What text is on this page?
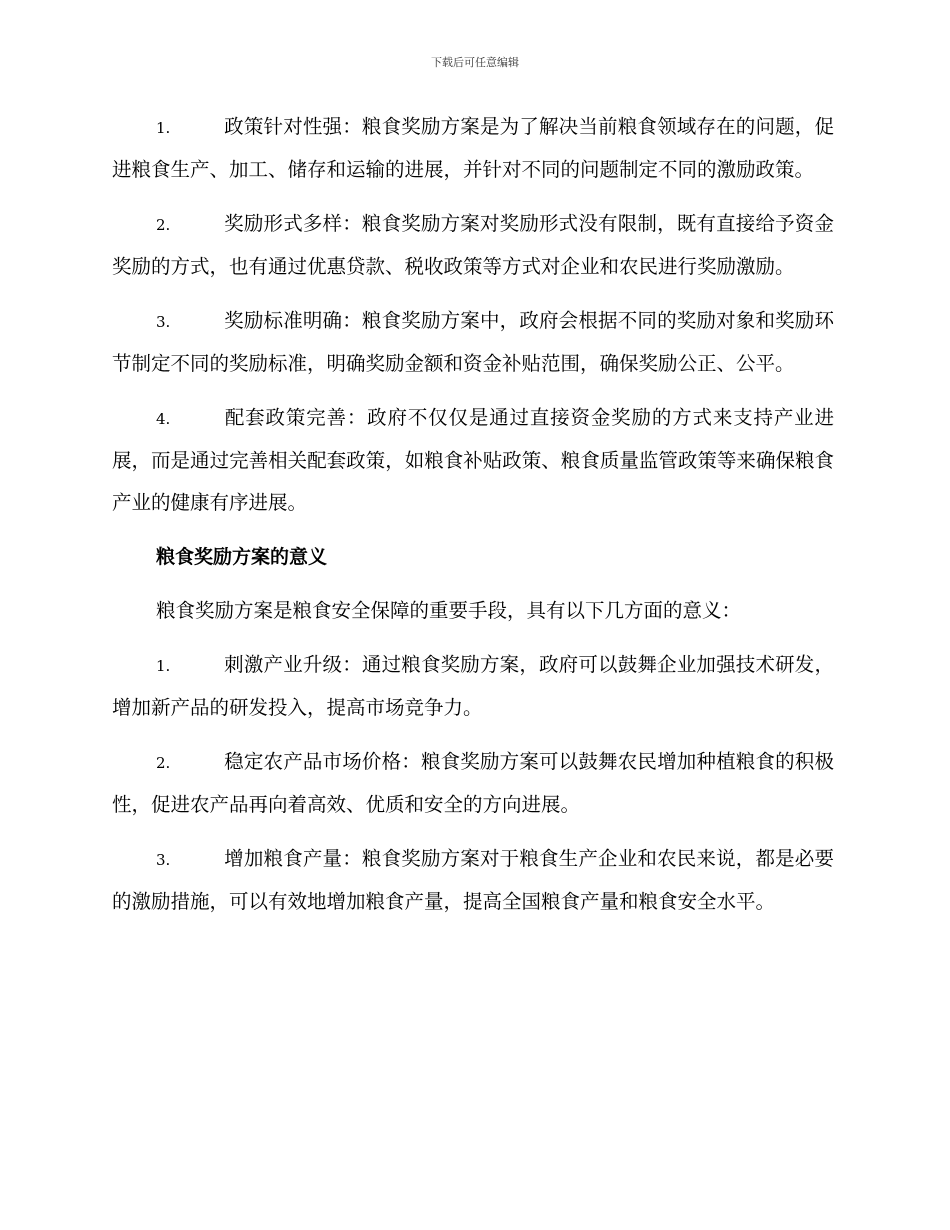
下载后可任意编辑

1.	政策针对性强：粮食奖励方案是为了解决当前粮食领域存在的问题，促进粮食生产、加工、储存和运输的进展，并针对不同的问题制定不同的激励政策。

2.	奖励形式多样：粮食奖励方案对奖励形式没有限制，既有直接给予资金奖励的方式，也有通过优惠贷款、税收政策等方式对企业和农民进行奖励激励。

3.	奖励标准明确：粮食奖励方案中，政府会根据不同的奖励对象和奖励环节制定不同的奖励标准，明确奖励金额和资金补贴范围，确保奖励公正、公平。

4.	配套政策完善：政府不仅仅是通过直接资金奖励的方式来支持产业进展，而是通过完善相关配套政策，如粮食补贴政策、粮食质量监管政策等来确保粮食产业的健康有序进展。

粮食奖励方案的意义

粮食奖励方案是粮食安全保障的重要手段，具有以下几方面的意义：

1.	刺激产业升级：通过粮食奖励方案，政府可以鼓舞企业加强技术研发，增加新产品的研发投入，提高市场竞争力。

2.	稳定农产品市场价格：粮食奖励方案可以鼓舞农民增加种植粮食的积极性，促进农产品再向着高效、优质和安全的方向进展。

3.	增加粮食产量：粮食奖励方案对于粮食生产企业和农民来说，都是必要的激励措施，可以有效地增加粮食产量，提高全国粮食产量和粮食安全水平。
